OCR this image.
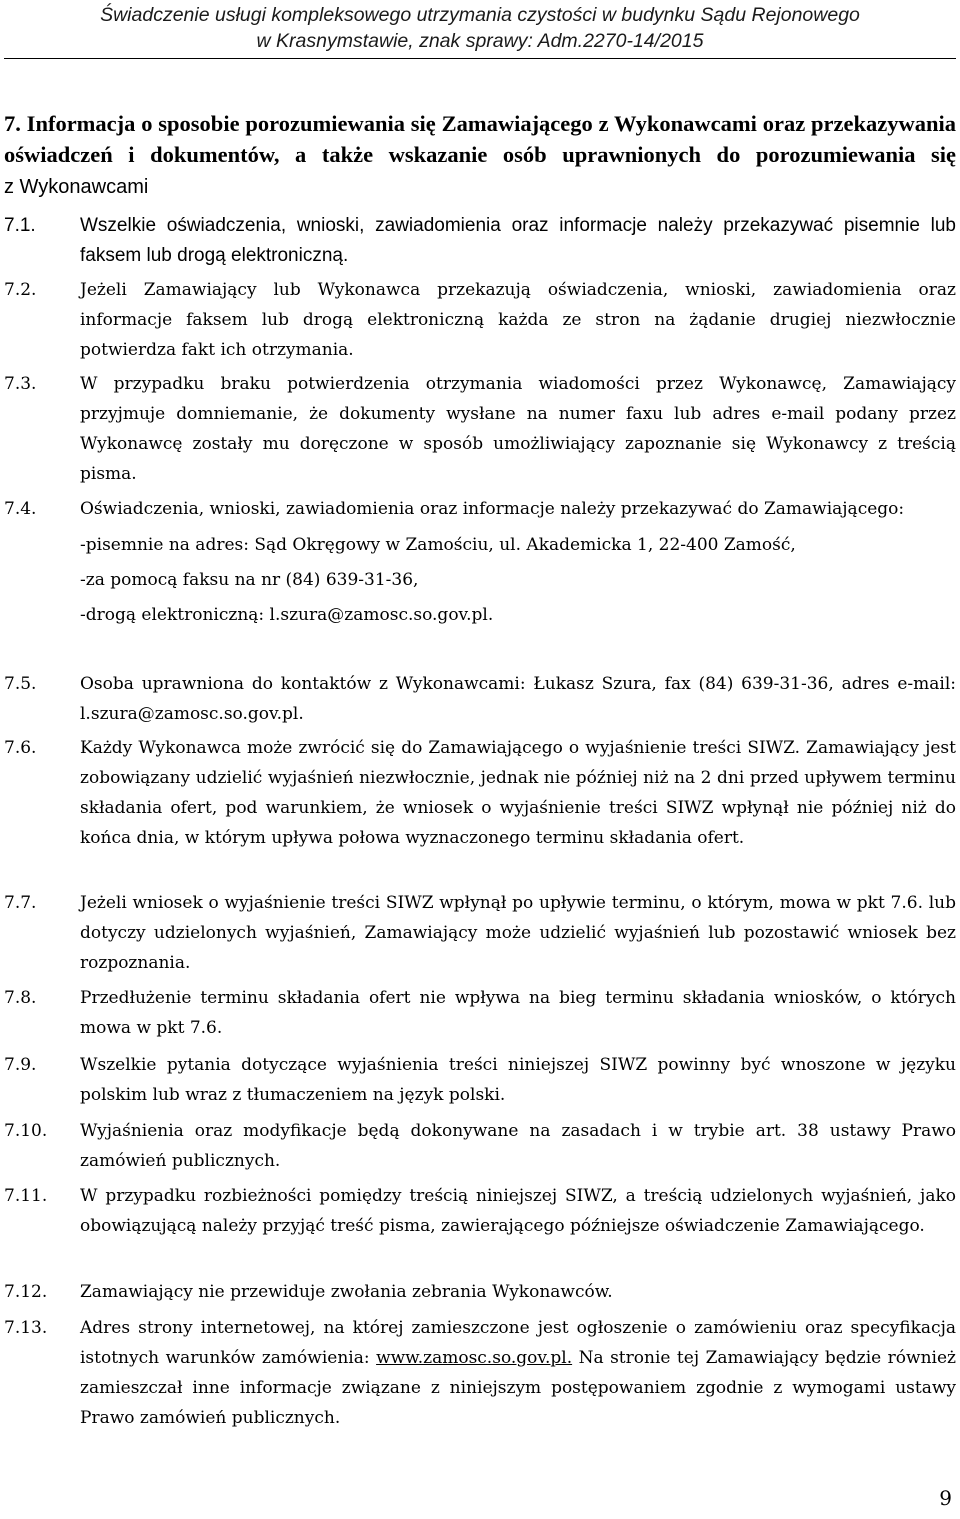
Świadczenie usługi kompleksowego utrzymania czystości w budynku Sądu Rejonowego
w Krasnymstawie, znak sprawy: Adm.2270-14/2015
7. Informacja o sposobie porozumiewania się Zamawiającego z Wykonawcami oraz przekazywania oświadczeń i dokumentów, a także wskazanie osób uprawnionych do porozumiewania się z Wykonawcami
7.1.	Wszelkie oświadczenia, wnioski, zawiadomienia oraz informacje należy przekazywać pisemnie lub faksem lub drogą elektroniczną.
7.2.	Jeżeli Zamawiający lub Wykonawca przekazują oświadczenia, wnioski, zawiadomienia oraz informacje faksem lub drogą elektroniczną każda ze stron na żądanie drugiej niezwłocznie potwierdza fakt ich otrzymania.
7.3.	W przypadku braku potwierdzenia otrzymania wiadomości przez Wykonawcę, Zamawiający przyjmuje domniemanie, że dokumenty wysłane na numer faxu lub adres e-mail podany przez Wykonawcę zostały mu doręczone w sposób umożliwiający zapoznanie się Wykonawcy z treścią pisma.
7.4.	Oświadczenia, wnioski, zawiadomienia oraz informacje należy przekazywać do Zamawiającego:
-pisemnie na adres: Sąd Okręgowy w Zamościu, ul. Akademicka 1, 22-400 Zamość,
-za pomocą faksu na nr (84) 639-31-36,
-drogą elektroniczną: l.szura@zamosc.so.gov.pl.
7.5.	Osoba uprawniona do kontaktów z Wykonawcami: Łukasz Szura, fax (84) 639-31-36, adres e-mail: l.szura@zamosc.so.gov.pl.
7.6.	Każdy Wykonawca może zwrócić się do Zamawiającego o wyjaśnienie treści SIWZ. Zamawiający jest zobowiązany udzielić wyjaśnień niezwłocznie, jednak nie później niż na 2 dni przed upływem terminu składania ofert, pod warunkiem, że wniosek o wyjaśnienie treści SIWZ wpłynął nie później niż do końca dnia, w którym upływa połowa wyznaczonego terminu składania ofert.
7.7.	Jeżeli wniosek o wyjaśnienie treści SIWZ wpłynął po upływie terminu, o którym, mowa w pkt 7.6. lub dotyczy udzielonych wyjaśnień, Zamawiający może udzielić wyjaśnień lub pozostawić wniosek bez rozpoznania.
7.8.	Przedłużenie terminu składania ofert nie wpływa na bieg terminu składania wniosków, o których mowa w pkt 7.6.
7.9.	Wszelkie pytania dotyczące wyjaśnienia treści niniejszej SIWZ powinny być wnoszone w języku polskim lub wraz z tłumaczeniem na język polski.
7.10.	Wyjaśnienia oraz modyfikacje będą dokonywane na zasadach i w trybie art. 38 ustawy Prawo zamówień publicznych.
7.11.	W przypadku rozbieżności pomiędzy treścią niniejszej SIWZ, a treścią udzielonych wyjaśnień, jako obowiązującą należy przyjąć treść pisma, zawierającego późniejsze oświadczenie Zamawiającego.
7.12.	Zamawiający nie przewiduje zwołania zebrania Wykonawców.
7.13.	Adres strony internetowej, na której zamieszczone jest ogłoszenie o zamówieniu oraz specyfikacja istotnych warunków zamówienia: www.zamosc.so.gov.pl. Na stronie tej Zamawiający będzie również zamieszczał inne informacje związane z niniejszym postępowaniem zgodnie z wymogami ustawy Prawo zamówień publicznych.
9
